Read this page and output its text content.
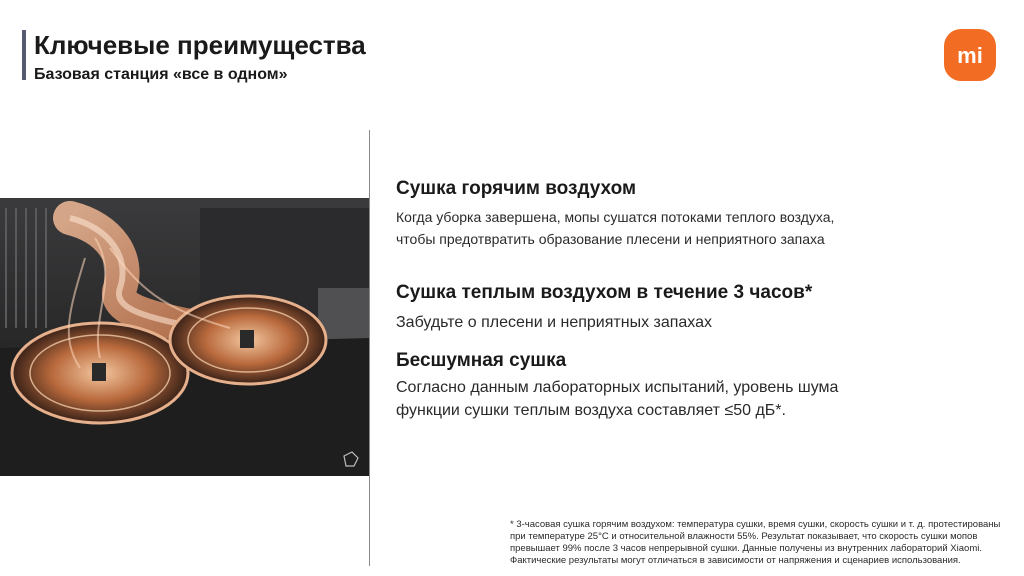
Ключевые преимущества
Базовая станция «все в одном»
mi
Сушка горячим воздухом

Когда уборка завершена, мопы сушатся потоками теплого воздуха,
чтобы предотвратить образование плесени и неприятного запаха

Сушка теплым воздухом в течение 3 часов*

Забудьте о плесени и неприятных запахах

Бесшумная сушка

Согласно данным лабораторных испытаний, уровень шума
функции сушки теплым воздуха составляет ≤50 дБ*.

* 3-часовая сушка горячим воздухом: температура сушки, время сушки, скорость сушки и т. д. протестированы
при температуре 25°C и относительной влажности 55%. Результат показывает, что скорость сушки мопов
превышает 99% после 3 часов непрерывной сушки. Данные получены из внутренних лабораторий Xiaomi.
Фактические результаты могут отличаться в зависимости от напряжения и сценариев использования.
